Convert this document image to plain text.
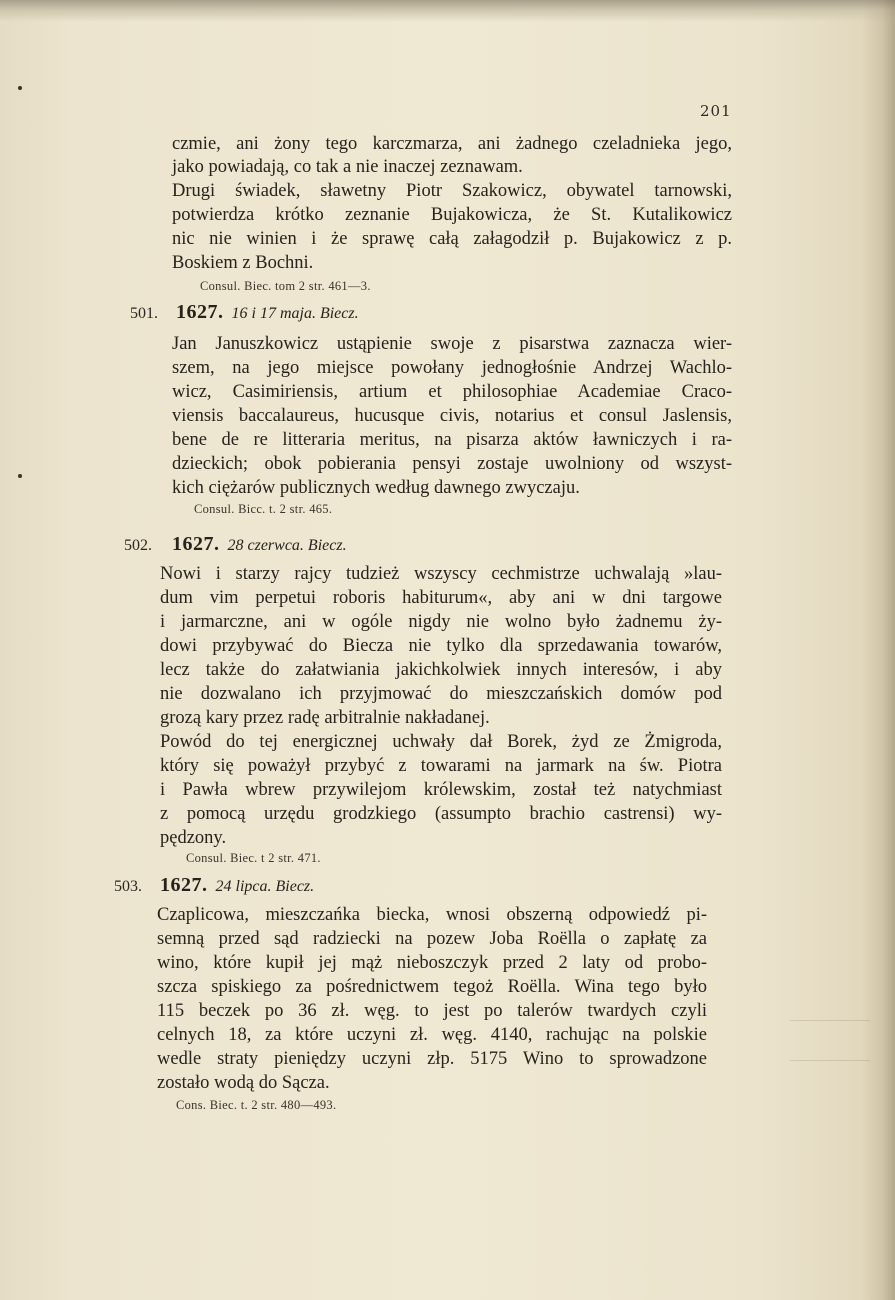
201
czmie, ani żony tego karczmarza, ani żadnego czeladnieka jego,
jako powiadają, co tak a nie inaczej zeznawam.
Drugi świadek, sławetny Piotr Szakowicz, obywatel tarnowski,
potwierdza krótko zeznanie Bujakowicza, że St. Kutalikowicz
nic nie winien i że sprawę całą załagodził p. Bujakowicz z p.
Boskiem z Bochni.
Consul. Biec. tom 2 str. 461—3.
501. 1627. 16 i 17 maja. Biecz.
Jan Januszkowicz ustąpienie swoje z pisarstwa zaznacza wier-
szem, na jego miejsce powołany jednogłośnie Andrzej Wachlo-
wicz, Casimiriensis, artium et philosophiae Academiae Craco-
viensis baccalaureus, hucusque civis, notarius et consul Jaslensis,
bene de re litteraria meritus, na pisarza aktów ławniczych i ra-
dzieckich; obok pobierania pensyi zostaje uwolniony od wszyst-
kich ciężarów publicznych według dawnego zwyczaju.
Consul. Bicc. t. 2 str. 465.
502. 1627. 28 czerwca. Biecz.
Nowi i starzy rajcy tudzież wszyscy cechmistrze uchwalają »lau-
dum vim perpetui roboris habiturum«, aby ani w dni targowe
i jarmarczne, ani w ogóle nigdy nie wolno było żadnemu ży-
dowi przybywać do Biecza nie tylko dla sprzedawania towarów,
lecz także do załatwiania jakichkolwiek innych interesów, i aby
nie dozwalano ich przyjmować do mieszczańskich domów pod
grozą kary przez radę arbitralnie nakładanej.
Powód do tej energicznej uchwały dał Borek, żyd ze Żmigroda,
który się poważył przybyć z towarami na jarmark na św. Piotra
i Pawła wbrew przywilejom królewskim, został też natychmiast
z pomocą urzędu grodzkiego (assumpto brachio castrensi) wy-
pędzony.
Consul. Biec. t 2 str. 471.
503. 1627. 24 lipca. Biecz.
Czaplicowa, mieszczańka biecka, wnosi obszerną odpowiedź pi-
semną przed sąd radziecki na pozew Joba Roëlla o zapłatę za
wino, które kupił jej mąż nieboszczyk przed 2 laty od probo-
szcza spiskiego za pośrednictwem tegoż Roëlla. Wina tego było
115 beczek po 36 zł. węg. to jest po talerów twardych czyli
celnych 18, za które uczyni zł. węg. 4140, rachując na polskie
wedle straty pieniędzy uczyni złp. 5175 Wino to sprowadzone
zostało wodą do Sącza.
Cons. Biec. t. 2 str. 480—493.
